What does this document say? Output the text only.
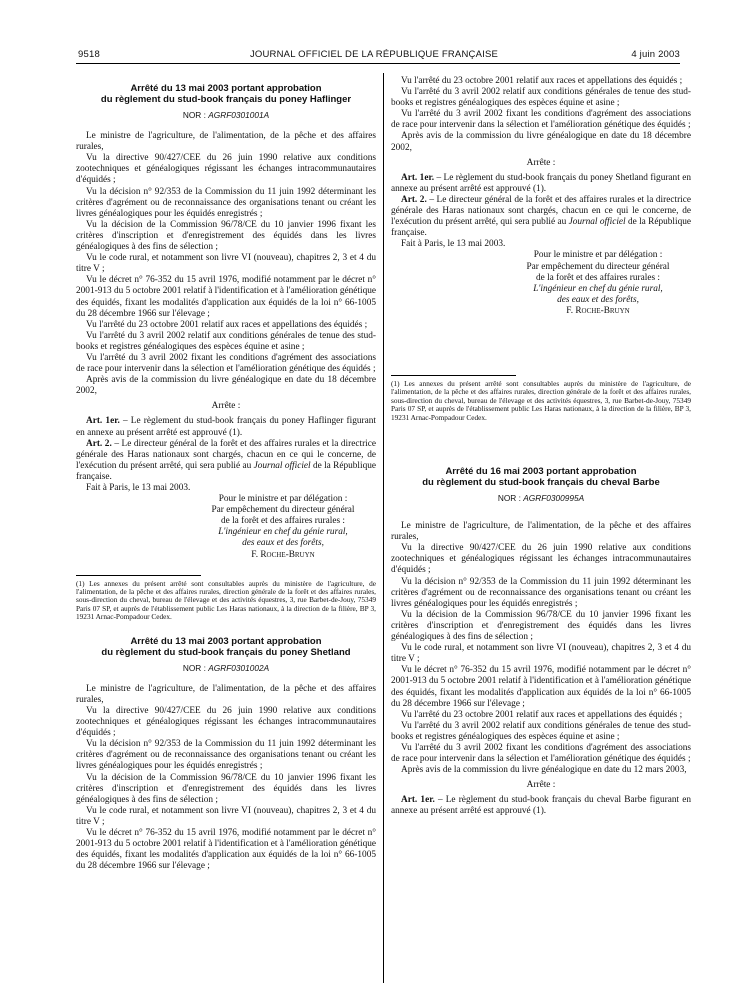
9518	JOURNAL OFFICIEL DE LA RÉPUBLIQUE FRANÇAISE	4 juin 2003
Arrêté du 13 mai 2003 portant approbation
du règlement du stud-book français du poney Haflinger
NOR : AGRF0301001A

Le ministre de l'agriculture, de l'alimentation, de la pêche et des affaires rurales,

Vu la directive 90/427/CEE du 26 juin 1990 relative aux conditions zootechniques et généalogiques régissant les échanges intracommunautaires d'équidés ;

Vu la décision n° 92/353 de la Commission du 11 juin 1992 déterminant les critères d'agrément ou de reconnaissance des organisations tenant ou créant les livres généalogiques pour les équidés enregistrés ;

Vu la décision de la Commission 96/78/CE du 10 janvier 1996 fixant les critères d'inscription et d'enregistrement des équidés dans les livres généalogiques à des fins de sélection ;

Vu le code rural, et notamment son livre VI (nouveau), chapitres 2, 3 et 4 du titre V ;

Vu le décret n° 76-352 du 15 avril 1976, modifié notamment par le décret n° 2001-913 du 5 octobre 2001 relatif à l'identification et à l'amélioration génétique des équidés, fixant les modalités d'application aux équidés de la loi n° 66-1005 du 28 décembre 1966 sur l'élevage ;

Vu l'arrêté du 23 octobre 2001 relatif aux races et appellations des équidés ;

Vu l'arrêté du 3 avril 2002 relatif aux conditions générales de tenue des stud-books et registres généalogiques des espèces équine et asine ;

Vu l'arrêté du 3 avril 2002 fixant les conditions d'agrément des associations de race pour intervenir dans la sélection et l'amélioration génétique des équidés ;

Après avis de la commission du livre généalogique en date du 18 décembre 2002,

Arrête :

Art. 1er. – Le règlement du stud-book français du poney Haflinger figurant en annexe au présent arrêté est approuvé (1).

Art. 2. – Le directeur général de la forêt et des affaires rurales et la directrice générale des Haras nationaux sont chargés, chacun en ce qui le concerne, de l'exécution du présent arrêté, qui sera publié au Journal officiel de la République française.

Fait à Paris, le 13 mai 2003.

Pour le ministre et par délégation :
Par empêchement du directeur général
de la forêt et des affaires rurales :
L'ingénieur en chef du génie rural,
des eaux et des forêts,
F. Roche-Bruyn
(1) Les annexes du présent arrêté sont consultables auprès du ministère de l'agriculture, de l'alimentation, de la pêche et des affaires rurales, direction générale de la forêt et des affaires rurales, sous-direction du cheval, bureau de l'élevage et des activités équestres, 3, rue Barbet-de-Jouy, 75349 Paris 07 SP, et auprès de l'établissement public Les Haras nationaux, à la direction de la filière, BP 3, 19231 Arnac-Pompadour Cedex.
Arrêté du 13 mai 2003 portant approbation
du règlement du stud-book français du poney Shetland
NOR : AGRF0301002A

Le ministre de l'agriculture, de l'alimentation, de la pêche et des affaires rurales,

Vu la directive 90/427/CEE du 26 juin 1990 relative aux conditions zootechniques et généalogiques régissant les échanges intracommunautaires d'équidés ;

Vu la décision n° 92/353 de la Commission du 11 juin 1992 déterminant les critères d'agrément ou de reconnaissance des organisations tenant ou créant les livres généalogiques pour les équidés enregistrés ;

Vu la décision de la Commission 96/78/CE du 10 janvier 1996 fixant les critères d'inscription et d'enregistrement des équidés dans les livres généalogiques à des fins de sélection ;

Vu le code rural, et notamment son livre VI (nouveau), chapitres 2, 3 et 4 du titre V ;

Vu le décret n° 76-352 du 15 avril 1976, modifié notamment par le décret n° 2001-913 du 5 octobre 2001 relatif à l'identification et à l'amélioration génétique des équidés, fixant les modalités d'application aux équidés de la loi n° 66-1005 du 28 décembre 1966 sur l'élevage ;

Vu l'arrêté du 23 octobre 2001 relatif aux races et appellations des équidés ;

Vu l'arrêté du 3 avril 2002 relatif aux conditions générales de tenue des stud-books et registres généalogiques des espèces équine et asine ;

Vu l'arrêté du 3 avril 2002 fixant les conditions d'agrément des associations de race pour intervenir dans la sélection et l'amélioration génétique des équidés ;

Après avis de la commission du livre généalogique en date du 18 décembre 2002,

Arrête :

Art. 1er. – Le règlement du stud-book français du poney Shetland figurant en annexe au présent arrêté est approuvé (1).

Art. 2. – Le directeur général de la forêt et des affaires rurales et la directrice générale des Haras nationaux sont chargés, chacun en ce qui le concerne, de l'exécution du présent arrêté, qui sera publié au Journal officiel de la République française.

Fait à Paris, le 13 mai 2003.

Pour le ministre et par délégation :
Par empêchement du directeur général
de la forêt et des affaires rurales :
L'ingénieur en chef du génie rural,
des eaux et des forêts,
F. Roche-Bruyn
(1) Les annexes du présent arrêté sont consultables auprès du ministère de l'agriculture, de l'alimentation, de la pêche et des affaires rurales, direction générale de la forêt et des affaires rurales, sous-direction du cheval, bureau de l'élevage et des activités équestres, 3, rue Barbet-de-Jouy, 75349 Paris 07 SP, et auprès de l'établissement public Les Haras nationaux, à la direction de la filière, BP 3, 19231 Arnac-Pompadour Cedex.
Arrêté du 16 mai 2003 portant approbation
du règlement du stud-book français du cheval Barbe
NOR : AGRF0300995A

Le ministre de l'agriculture, de l'alimentation, de la pêche et des affaires rurales,

Vu la directive 90/427/CEE du 26 juin 1990 relative aux conditions zootechniques et généalogiques régissant les échanges intracommunautaires d'équidés ;

Vu la décision n° 92/353 de la Commission du 11 juin 1992 déterminant les critères d'agrément ou de reconnaissance des organisations tenant ou créant les livres généalogiques pour les équidés enregistrés ;

Vu la décision de la Commission 96/78/CE du 10 janvier 1996 fixant les critères d'inscription et d'enregistrement des équidés dans les livres généalogiques à des fins de sélection ;

Vu le code rural, et notamment son livre VI (nouveau), chapitres 2, 3 et 4 du titre V ;

Vu le décret n° 76-352 du 15 avril 1976, modifié notamment par le décret n° 2001-913 du 5 octobre 2001 relatif à l'identification et à l'amélioration génétique des équidés, fixant les modalités d'application aux équidés de la loi n° 66-1005 du 28 décembre 1966 sur l'élevage ;

Vu l'arrêté du 23 octobre 2001 relatif aux races et appellations des équidés ;

Vu l'arrêté du 3 avril 2002 relatif aux conditions générales de tenue des stud-books et registres généalogiques des espèces équine et asine ;

Vu l'arrêté du 3 avril 2002 fixant les conditions d'agrément des associations de race pour intervenir dans la sélection et l'amélioration génétique des équidés ;

Après avis de la commission du livre généalogique en date du 12 mars 2003,

Arrête :

Art. 1er. – Le règlement du stud-book français du cheval Barbe figurant en annexe au présent arrêté est approuvé (1).
